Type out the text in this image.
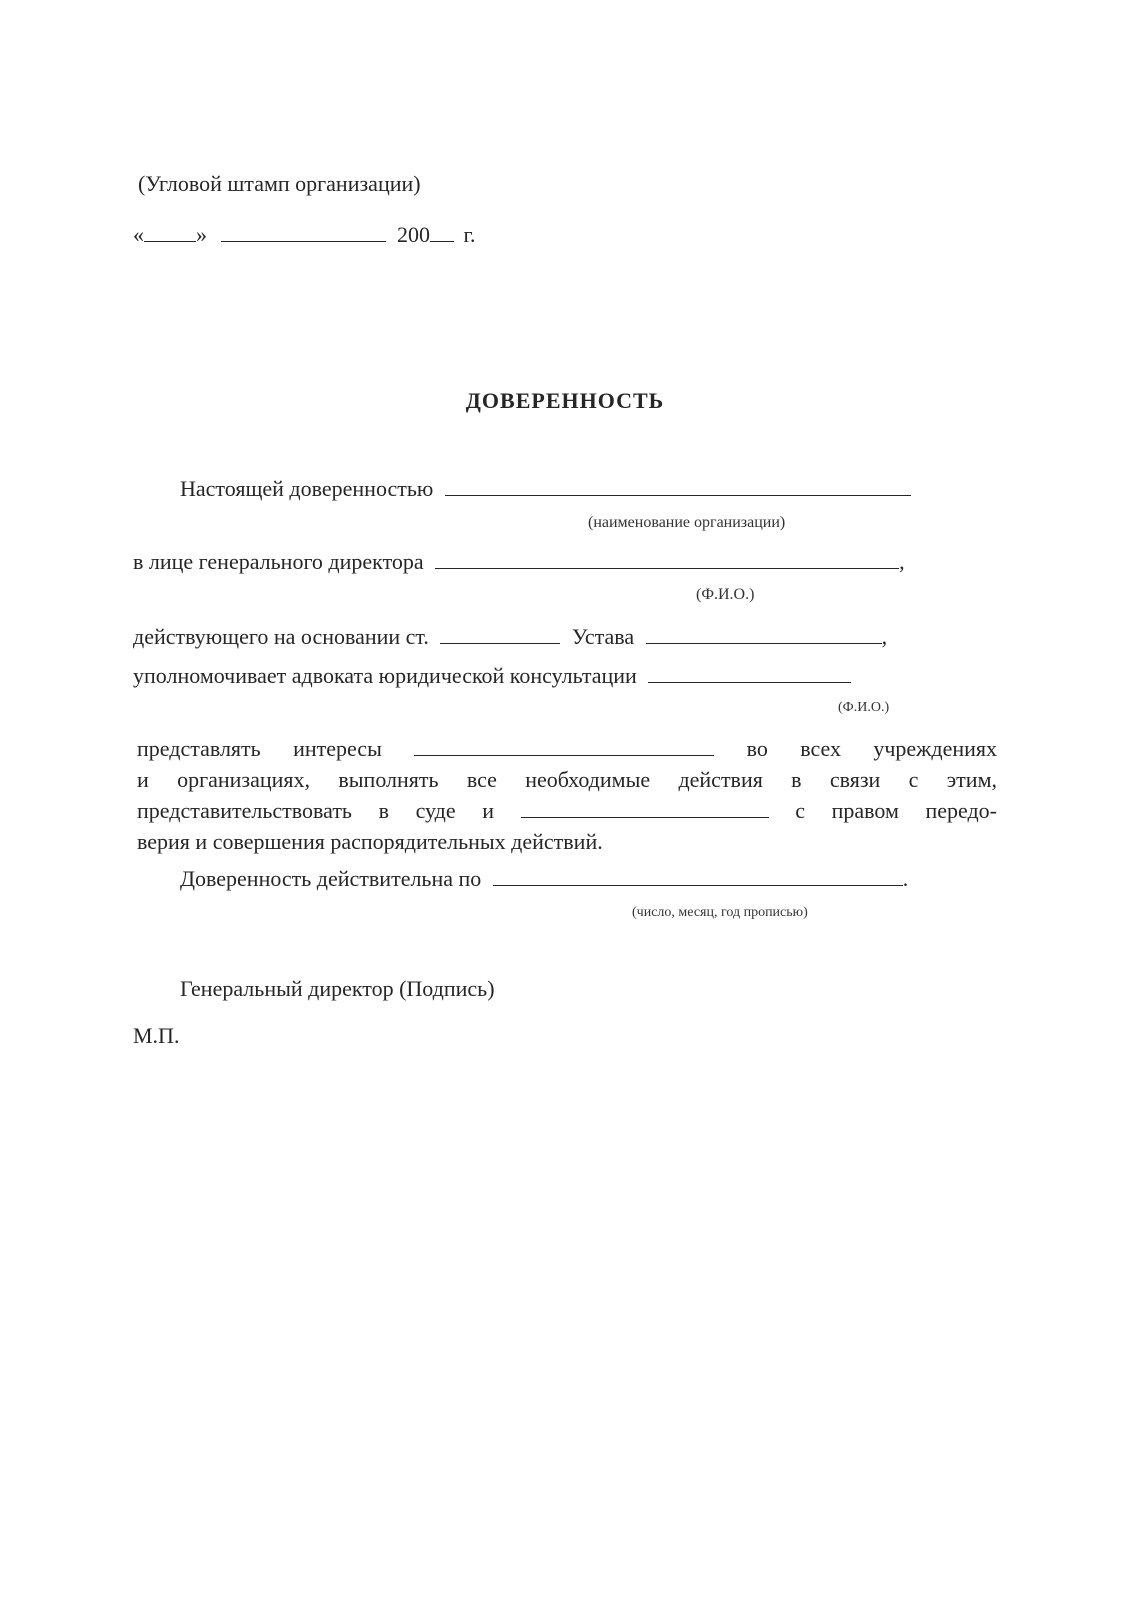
(Угловой штамп организации)
« »	200 г.
ДОВЕРЕННОСТЬ
Настоящей доверенностью
(наименование организации)
в лице генерального директора	,
(Ф.И.О.)
действующего на основании ст.	Устава	,
уполномочивает адвоката юридической консультации
(Ф.И.О.)
представлять интересы	во всех учреждениях
и организациях, выполнять все необходимые действия в связи с этим,
представительствовать в суде и	с правом передо-
верия и совершения распорядительных действий.
Доверенность действительна по	.
(число, месяц, год прописью)
Генеральный директор (Подпись)
М.П.
